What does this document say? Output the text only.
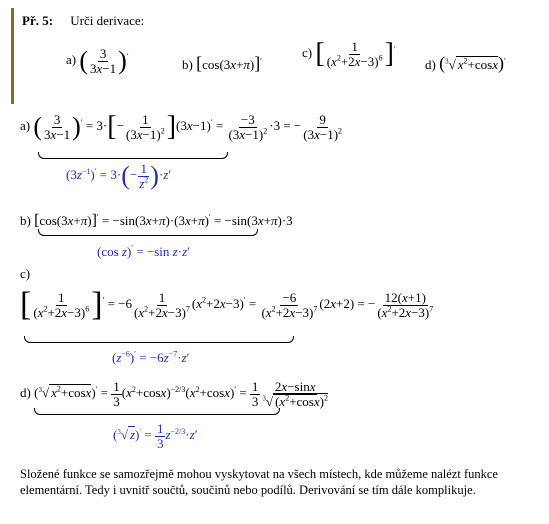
Př. 5: Urči derivace:
a) ( $\frac{3}{3x-1} )'$
b) [cos(3x+π)]′
c) [ $\frac{1}{(x^2+2x-3)^6} ]'$
d) ($^3$√ $x^2+\cos x)'$
a) ( $\frac{3}{3x-1} )' = 3\cdot[- \frac{1}{(3x-1)^2} ](3x-1)' = \frac{-3}{(3x-1)^2} \cdot 3$ = − $\frac{9}{(3x-1)^2}$
$(3z^{-1})' = 3\cdot(- \frac{1}{z^2} )\cdot z'$
b) [cos(3x+π)]′ = −sin(3x+π)·(3x+π)′ = −sin(3x+π)·3
(cos z)′ = −sin z·z′
c)
[ $\frac{1}{(x^2+2x-3)^6} ]' = -6 \frac{1}{(x^2+2x-3)^7} (x^2+2x-3)' = \frac{-6}{(x^2+2x-3)^7} (2x+2)$ = − $\frac{12(x+1)}{(x^2+2x-3)^7}$
$(z^{-6})' = -6z^{-7}\cdot z'$
d) ($^3$√ $x^2+\cos x)' = \frac{1}{3} (x^2+\cos x)^{-2/3}(x^2+\cos x)' = \frac{1}{3} \frac{2x-\sin x}{^3√ (x^2+\cos x)^2}$
($^3$√ $z)' = \frac{1}{3} z^{-2/3}\cdot z'$
Složené funkce se samozřejmě mohou vyskytovat na všech místech, kde můžeme nalézt funkce elementární. Tedy i uvnitř součtů, součinů nebo podílů. Derivování se tím dále komplikuje.
